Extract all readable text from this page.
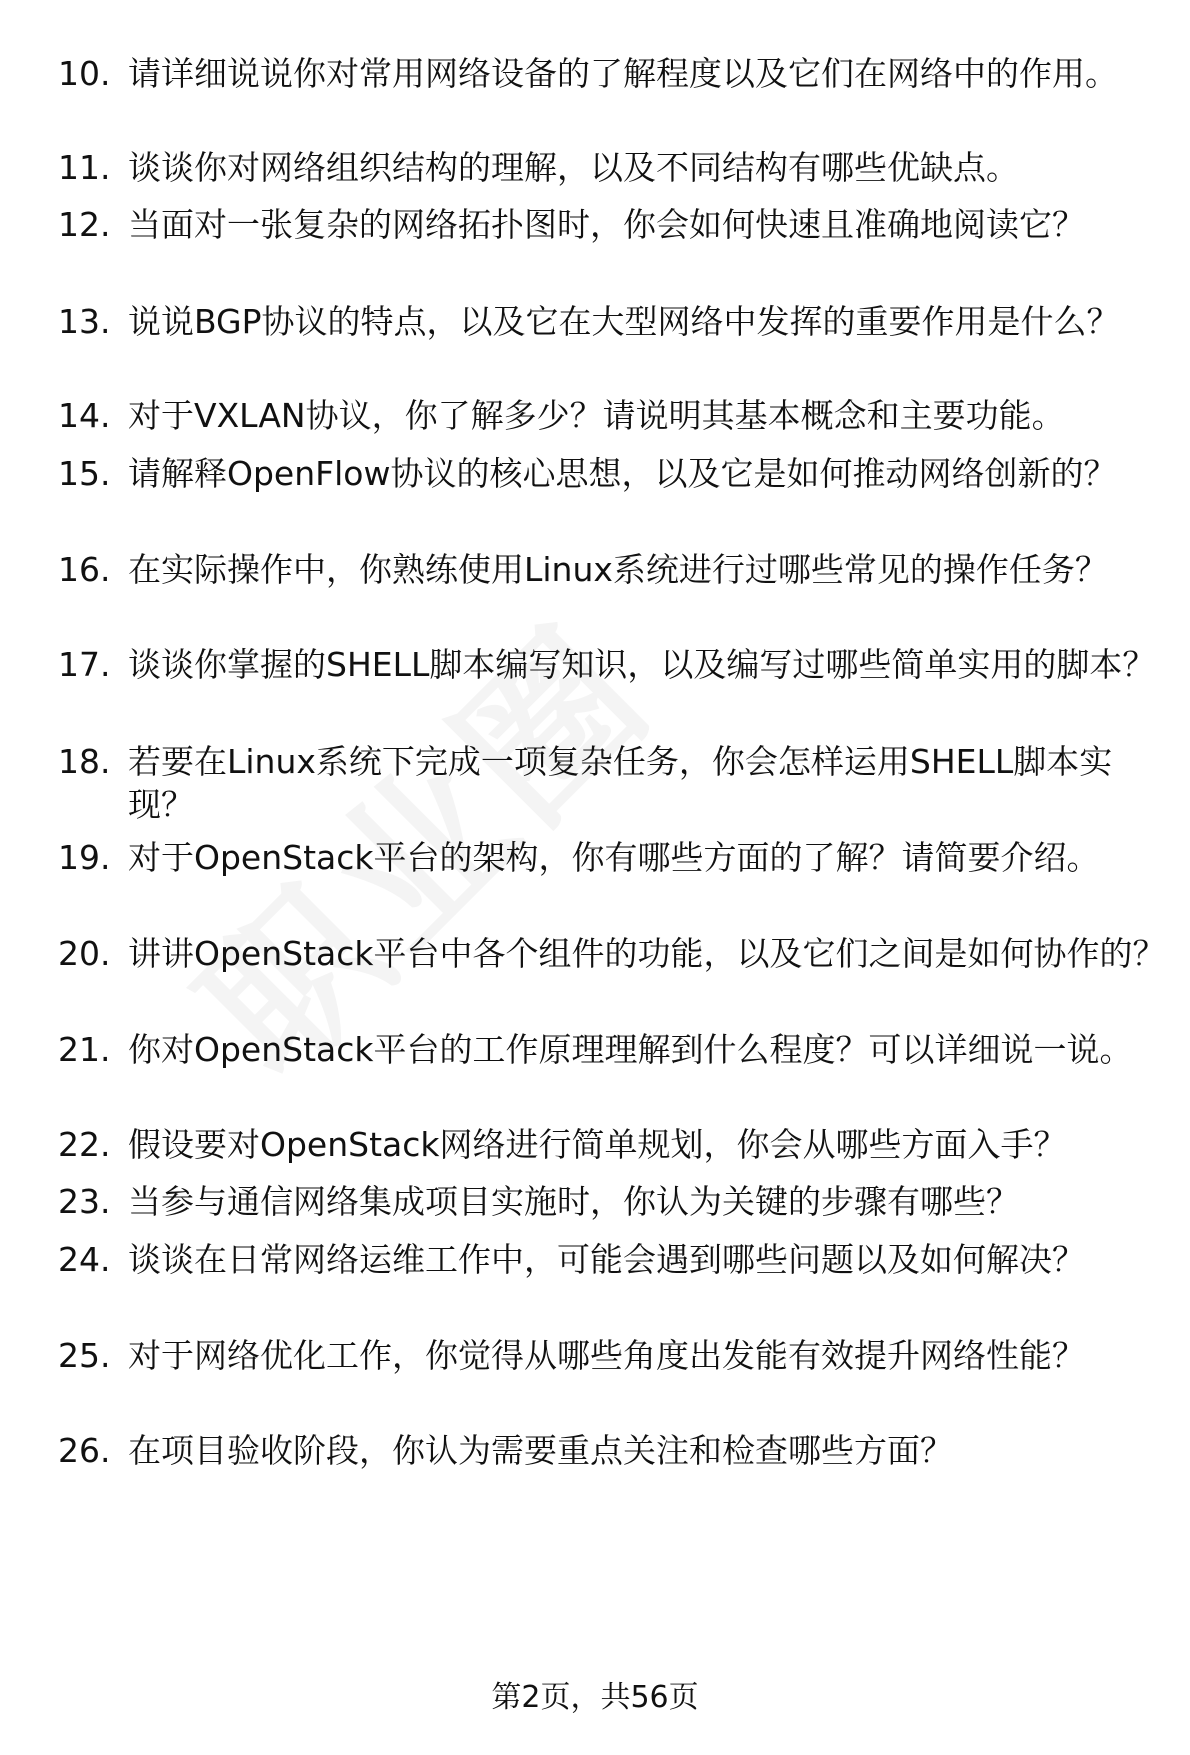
10. 请详细说说你对常用网络设备的了解程度以及它们在网络中的作用。
11. 谈谈你对网络组织结构的理解，以及不同结构有哪些优缺点。
12. 当面对一张复杂的网络拓扑图时，你会如何快速且准确地阅读它？
13. 说说BGP协议的特点，以及它在大型网络中发挥的重要作用是什么？
14. 对于VXLAN协议，你了解多少？请说明其基本概念和主要功能。
15. 请解释OpenFlow协议的核心思想，以及它是如何推动网络创新的？
16. 在实际操作中，你熟练使用Linux系统进行过哪些常见的操作任务？
17. 谈谈你掌握的SHELL脚本编写知识，以及编写过哪些简单实用的脚本？
18. 若要在Linux系统下完成一项复杂任务，你会怎样运用SHELL脚本实现？
19. 对于OpenStack平台的架构，你有哪些方面的了解？请简要介绍。
20. 讲讲OpenStack平台中各个组件的功能，以及它们之间是如何协作的？
21. 你对OpenStack平台的工作原理理解到什么程度？可以详细说一说。
22. 假设要对OpenStack网络进行简单规划，你会从哪些方面入手？
23. 当参与通信网络集成项目实施时，你认为关键的步骤有哪些？
24. 谈谈在日常网络运维工作中，可能会遇到哪些问题以及如何解决？
25. 对于网络优化工作，你觉得从哪些角度出发能有效提升网络性能？
26. 在项目验收阶段，你认为需要重点关注和检查哪些方面？
第2页，共56页
